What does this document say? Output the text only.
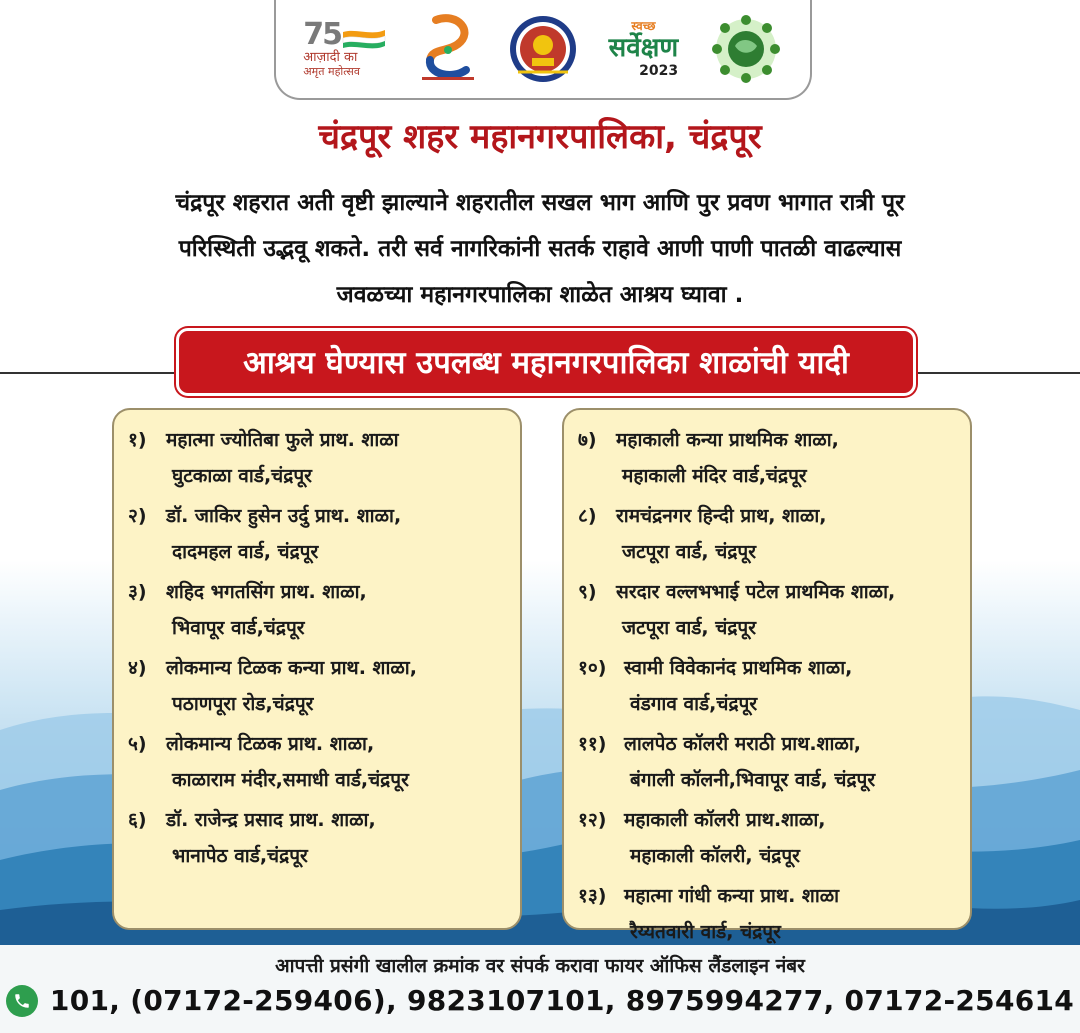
75
आज़ादी का
अमृत महोत्सव
स्वच्छ
सर्वेक्षण
2023
चंद्रपूर शहर महानगरपालिका, चंद्रपूर
चंद्रपूर शहरात अती वृष्टी झाल्याने शहरातील सखल भाग आणि पुर प्रवण भागात रात्री पूर
परिस्थिती उद्भवू शकते. तरी सर्व नागरिकांनी सतर्क राहावे आणी पाणी पातळी वाढल्यास
जवळच्या महानगरपालिका शाळेत आश्रय घ्यावा .
आश्रय घेण्यास उपलब्ध महानगरपालिका शाळांची यादी
१) महात्मा ज्योतिबा फुले प्राथ. शाळा
घुटकाळा वार्ड,चंद्रपूर
२) डॉ. जाकिर हुसेन उर्दु प्राथ. शाळा,
दादमहल वार्ड, चंद्रपूर
३) शहिद भगतसिंग प्राथ. शाळा,
भिवापूर वार्ड,चंद्रपूर
४) लोकमान्य टिळक कन्या प्राथ. शाळा,
पठाणपूरा रोड,चंद्रपूर
५) लोकमान्य टिळक प्राथ. शाळा,
काळाराम मंदीर,समाधी वार्ड,चंद्रपूर
६) डॉ. राजेन्द्र प्रसाद प्राथ. शाळा,
भानापेठ वार्ड,चंद्रपूर
७) महाकाली कन्या प्राथमिक शाळा,
महाकाली मंदिर वार्ड,चंद्रपूर
८) रामचंद्रनगर हिन्दी प्राथ, शाळा,
जटपूरा वार्ड, चंद्रपूर
९) सरदार वल्लभभाई पटेल प्राथमिक शाळा,
जटपूरा वार्ड, चंद्रपूर
१०) स्वामी विवेकानंद प्राथमिक शाळा,
वंडगाव वार्ड,चंद्रपूर
११) लालपेठ कॉलरी मराठी प्राथ.शाळा,
बंगाली कॉलनी,भिवापूर वार्ड, चंद्रपूर
१२) महाकाली कॉलरी प्राथ.शाळा,
महाकाली कॉलरी, चंद्रपूर
१३) महात्मा गांधी कन्या प्राथ. शाळा
रैय्यतवारी वार्ड, चंद्रपूर
आपत्ती प्रसंगी खालील क्रमांक वर संपर्क करावा फायर ऑफिस लैंडलाइन नंबर
101, (07172-259406), 9823107101, 8975994277, 07172-254614
